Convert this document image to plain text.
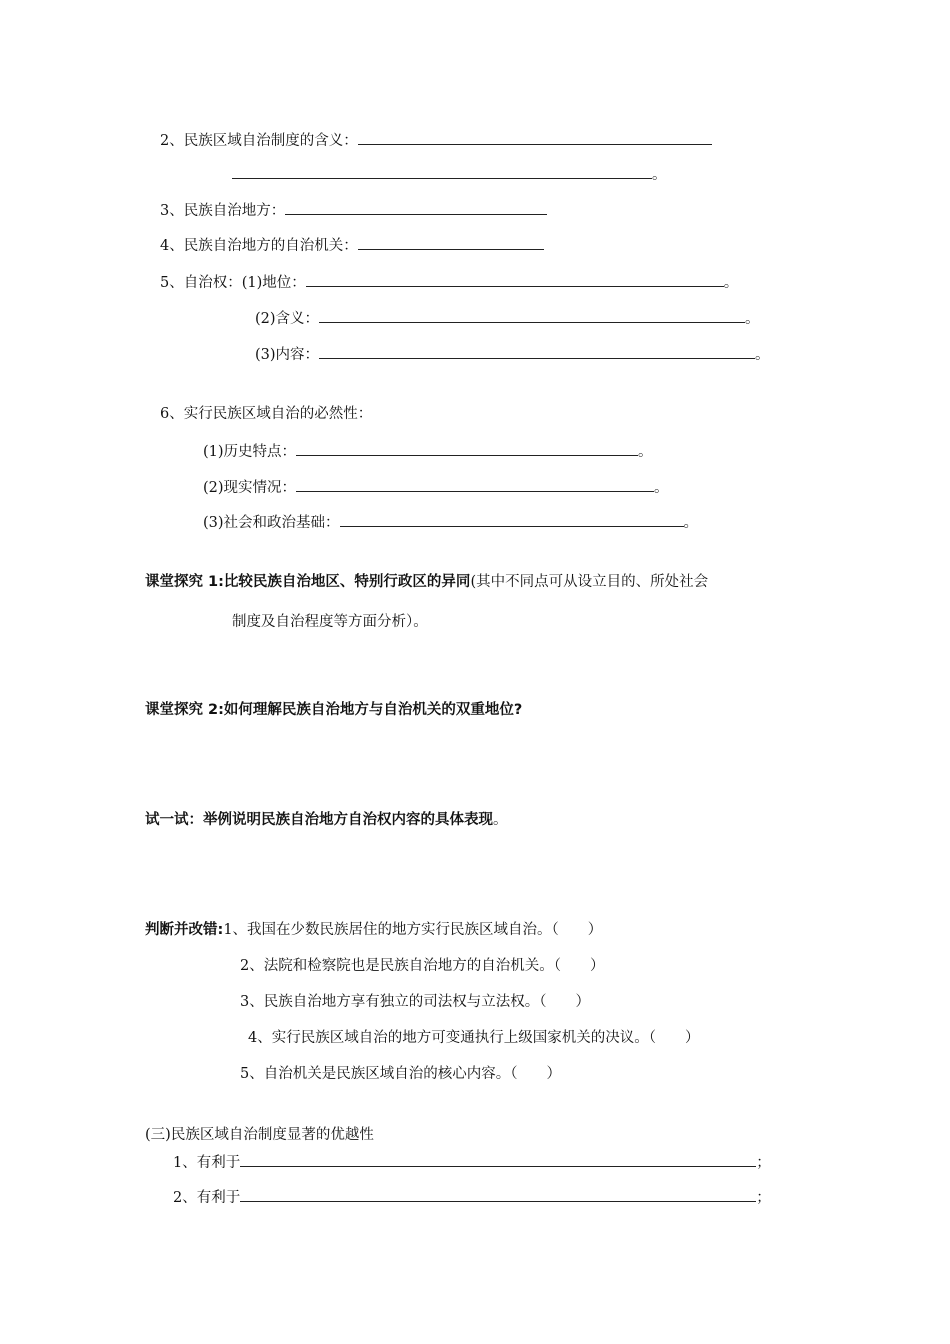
2、民族区域自治制度的含义：
。
3、民族自治地方：
4、民族自治地方的自治机关：
5、自治权：(1)地位：	。
(2)含义：	。
(3)内容：	。
6、实行民族区域自治的必然性：
(1)历史特点：	。
(2)现实情况：	。
(3)社会和政治基础：	。
课堂探究 1:比较民族自治地区、特别行政区的异同(其中不同点可从设立目的、所处社会
制度及自治程度等方面分析）。
课堂探究 2:如何理解民族自治地方与自治机关的双重地位?
试一试：举例说明民族自治地方自治权内容的具体表现。
判断并改错:1、我国在少数民族居住的地方实行民族区域自治。（　　）
2、法院和检察院也是民族自治地方的自治机关。（　　）
3、民族自治地方享有独立的司法权与立法权。（　　）
4、实行民族区域自治的地方可变通执行上级国家机关的决议。（　　）
5、自治机关是民族区域自治的核心内容。（　　）
(三)民族区域自治制度显著的优越性
1、有利于	；
2、有利于	；
